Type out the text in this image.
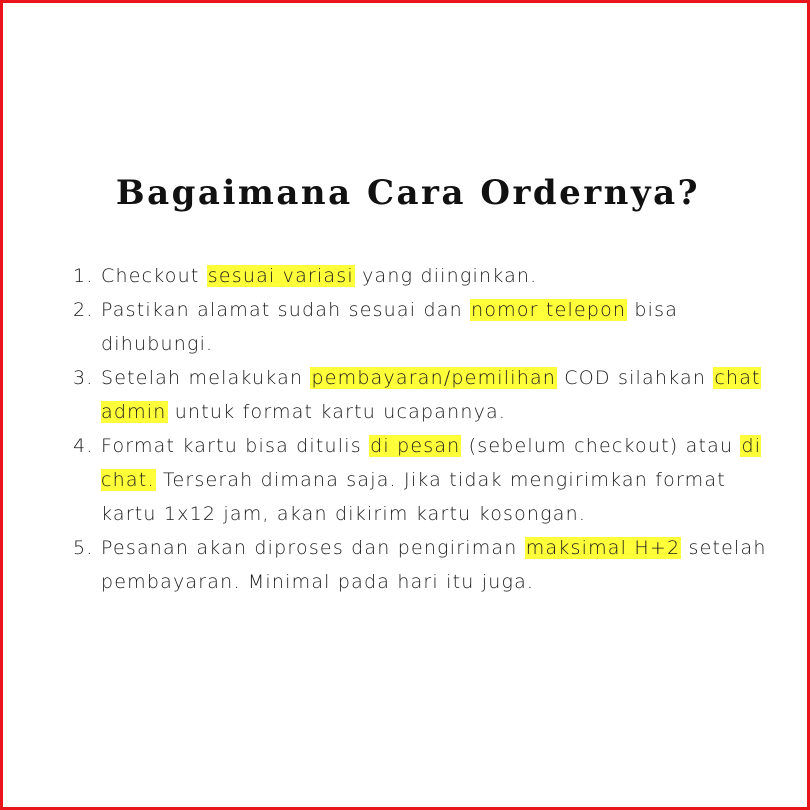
Bagaimana Cara Ordernya?
1. Checkout sesuai variasi yang diinginkan.
2. Pastikan alamat sudah sesuai dan nomor telepon bisa dihubungi.
3. Setelah melakukan pembayaran/pemilihan COD silahkan chat admin untuk format kartu ucapannya.
4. Format kartu bisa ditulis di pesan (sebelum checkout) atau di chat. Terserah dimana saja. Jika tidak mengirimkan format kartu 1x12 jam, akan dikirim kartu kosongan.
5. Pesanan akan diproses dan pengiriman maksimal H+2 setelah pembayaran. Minimal pada hari itu juga.
